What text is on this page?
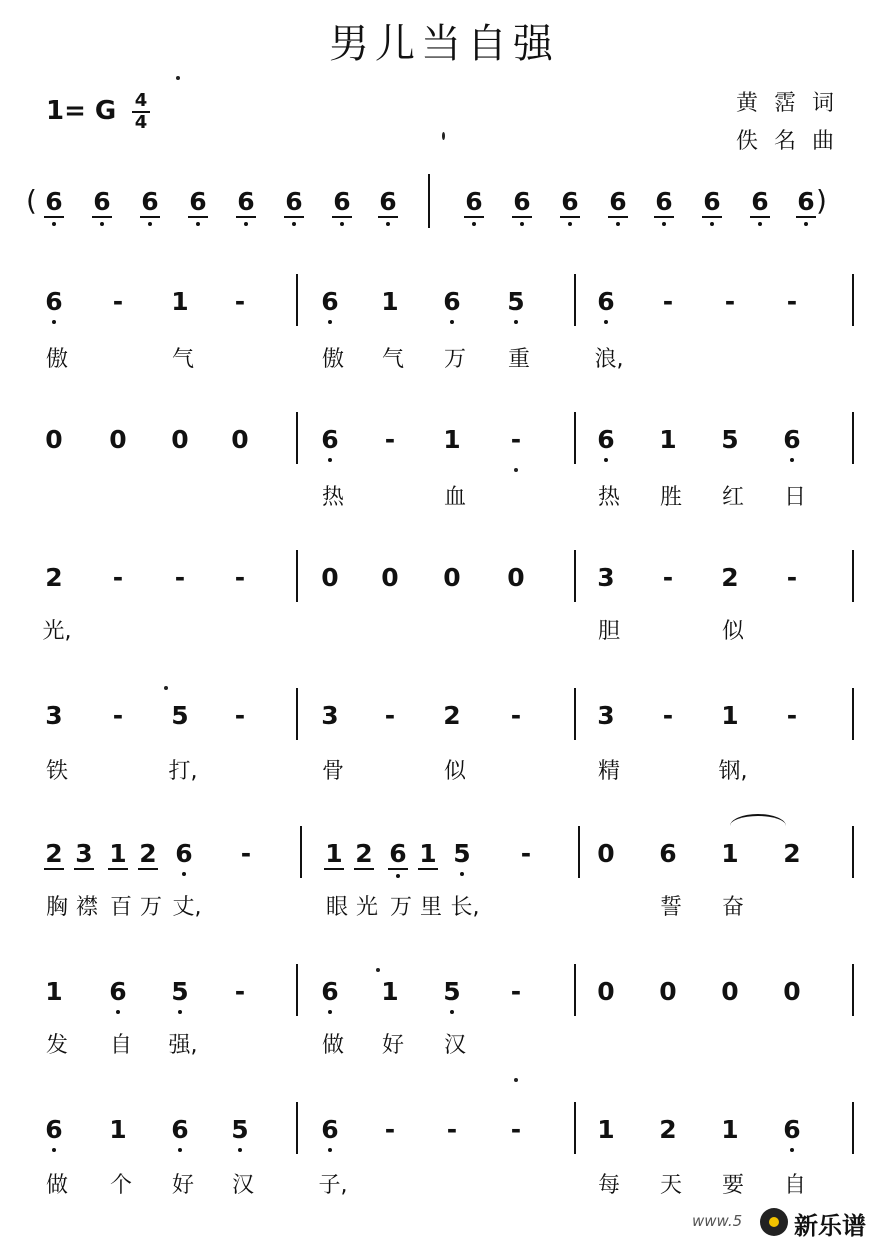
男儿当自强
1= G 4
4
黄霑词
佚名曲
( 6 6 6 6 6 6 6 6	6 6 6 6 6 6 6 6 )
6 - 1 -
傲	气
6 1 6 5
傲 气 万 重
6 - - -
浪,
0 0 0 0	6 - 1 -
热	血
6 1 5 6
热 胜 红 日
2 - - -
光,
0 0 0 0	3 - 2 -
胆	似
3 - 5 -
铁	打,
3 - 2 -
骨	似
3 - 1 -
精	钢,
2 3 1 2 6 -
胸 襟 百 万 丈,
1 2 6 1 5 -
眼 光 万 里 长,
0 6 1 2
誓 奋
1 6 5 -
发 自 强,
6 1 5 -
做 好 汉
0 0 0 0
6 1 6 5
做 个 好 汉
6 - - -
子,
1 2 1 6
每 天 要 自
www.5 新乐谱
